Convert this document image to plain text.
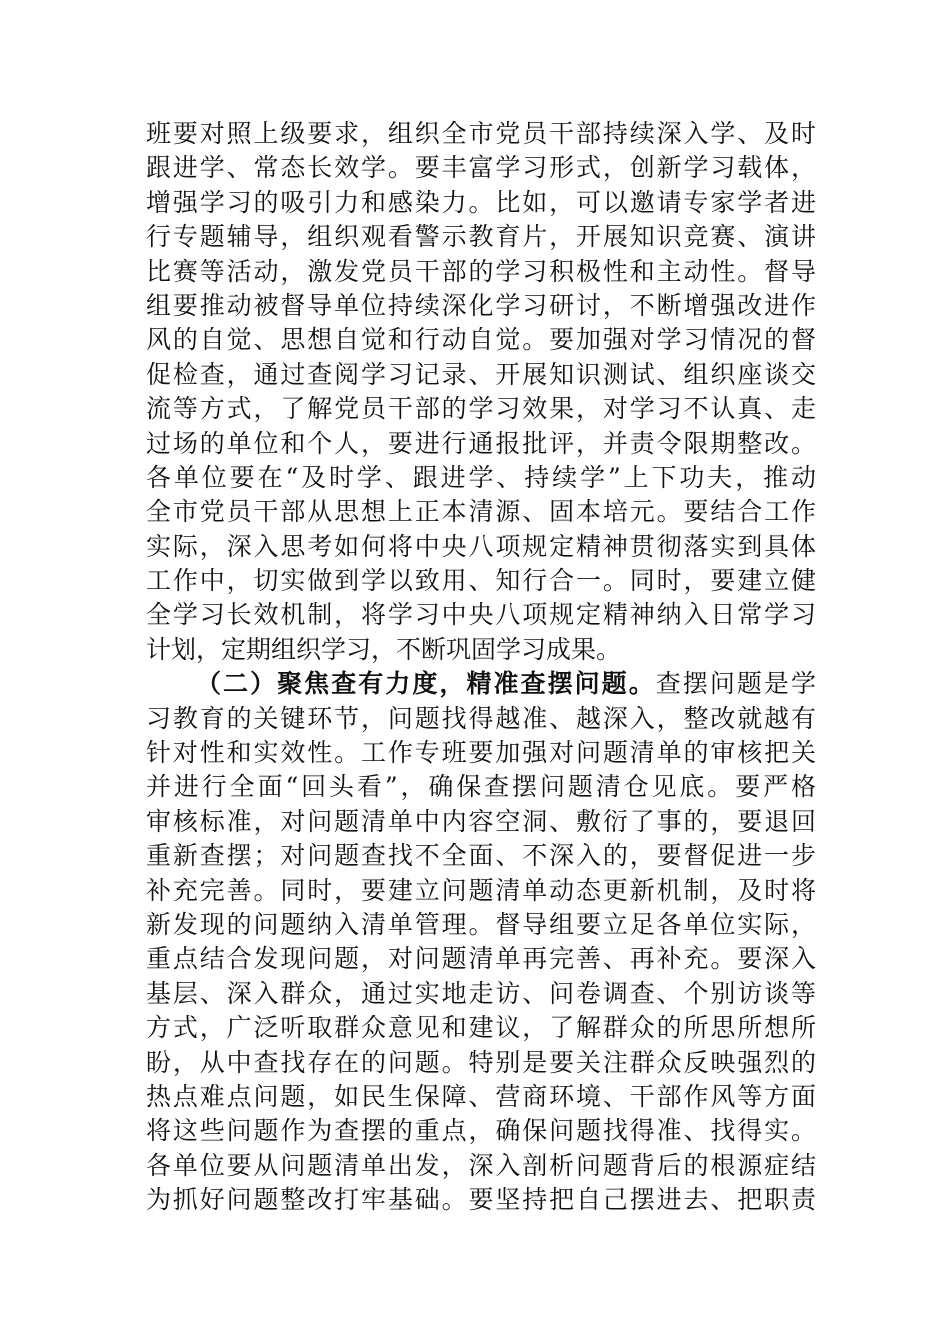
班要对照上级要求，组织全市党员干部持续深入学、及时
跟进学、常态长效学。要丰富学习形式，创新学习载体，
增强学习的吸引力和感染力。比如，可以邀请专家学者进
行专题辅导，组织观看警示教育片，开展知识竞赛、演讲
比赛等活动，激发党员干部的学习积极性和主动性。督导
组要推动被督导单位持续深化学习研讨，不断增强改进作
风的自觉、思想自觉和行动自觉。要加强对学习情况的督
促检查，通过查阅学习记录、开展知识测试、组织座谈交
流等方式，了解党员干部的学习效果，对学习不认真、走
过场的单位和个人，要进行通报批评，并责令限期整改。
各单位要在“及时学、跟进学、持续学”上下功夫，推动
全市党员干部从思想上正本清源、固本培元。要结合工作
实际，深入思考如何将中央八项规定精神贯彻落实到具体
工作中，切实做到学以致用、知行合一。同时，要建立健
全学习长效机制，将学习中央八项规定精神纳入日常学习
计划，定期组织学习，不断巩固学习成果。
（二）聚焦查有力度，精准查摆问题。查摆问题是学
习教育的关键环节，问题找得越准、越深入，整改就越有
针对性和实效性。工作专班要加强对问题清单的审核把关
并进行全面“回头看”，确保查摆问题清仓见底。要严格
审核标准，对问题清单中内容空洞、敷衍了事的，要退回
重新查摆；对问题查找不全面、不深入的，要督促进一步
补充完善。同时，要建立问题清单动态更新机制，及时将
新发现的问题纳入清单管理。督导组要立足各单位实际，
重点结合发现问题，对问题清单再完善、再补充。要深入
基层、深入群众，通过实地走访、问卷调查、个别访谈等
方式，广泛听取群众意见和建议，了解群众的所思所想所
盼，从中查找存在的问题。特别是要关注群众反映强烈的
热点难点问题，如民生保障、营商环境、干部作风等方面
将这些问题作为查摆的重点，确保问题找得准、找得实。
各单位要从问题清单出发，深入剖析问题背后的根源症结
为抓好问题整改打牢基础。要坚持把自己摆进去、把职责
